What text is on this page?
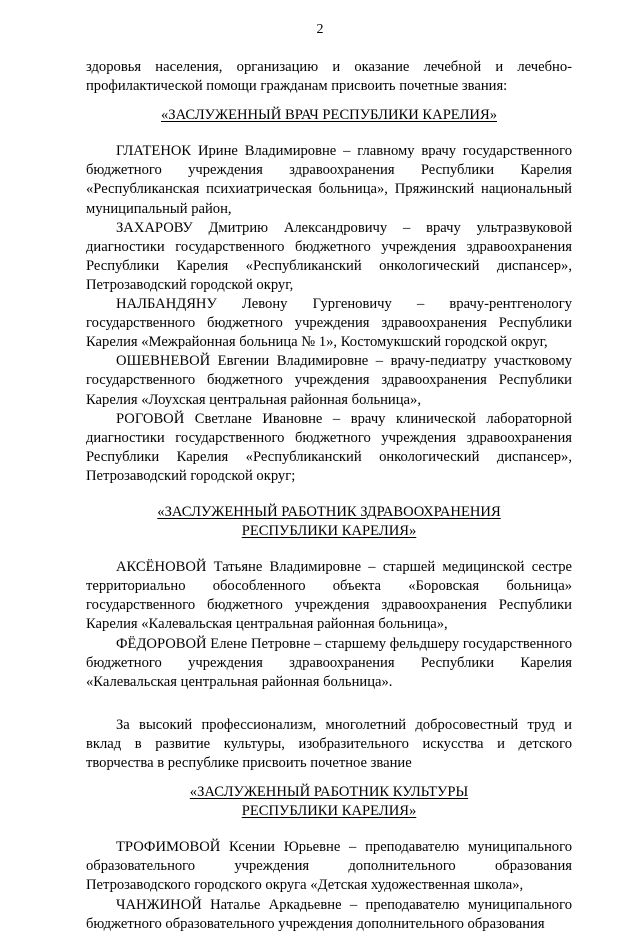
2

здоровья населения, организацию и оказание лечебной и лечебно-профилактической помощи гражданам присвоить почетные звания:

«ЗАСЛУЖЕННЫЙ ВРАЧ РЕСПУБЛИКИ КАРЕЛИЯ»

ГЛАТЕНОК Ирине Владимировне – главному врачу государственного бюджетного учреждения здравоохранения Республики Карелия «Республиканская психиатрическая больница», Пряжинский национальный муниципальный район,

ЗАХАРОВУ Дмитрию Александровичу – врачу ультразвуковой диагностики государственного бюджетного учреждения здравоохранения Республики Карелия «Республиканский онкологический диспансер», Петрозаводский городской округ,

НАЛБАНДЯНУ Левону Гургеновичу – врачу-рентгенологу государственного бюджетного учреждения здравоохранения Республики Карелия «Межрайонная больница № 1», Костомукшский городской округ,

ОШЕВНЕВОЙ Евгении Владимировне – врачу-педиатру участковому государственного бюджетного учреждения здравоохранения Республики Карелия «Лоухская центральная районная больница»,

РОГОВОЙ Светлане Ивановне – врачу клинической лабораторной диагностики государственного бюджетного учреждения здравоохранения Республики Карелия «Республиканский онкологический диспансер», Петрозаводский городской округ;

«ЗАСЛУЖЕННЫЙ РАБОТНИК ЗДРАВООХРАНЕНИЯ
РЕСПУБЛИКИ КАРЕЛИЯ»

АКСЁНОВОЙ Татьяне Владимировне – старшей медицинской сестре территориально обособленного объекта «Боровская больница» государственного бюджетного учреждения здравоохранения Республики Карелия «Калевальская центральная районная больница»,

ФЁДОРОВОЙ Елене Петровне – старшему фельдшеру государственного бюджетного учреждения здравоохранения Республики Карелия «Калевальская центральная районная больница».

За высокий профессионализм, многолетний добросовестный труд и вклад в развитие культуры, изобразительного искусства и детского творчества в республике присвоить почетное звание

«ЗАСЛУЖЕННЫЙ РАБОТНИК КУЛЬТУРЫ
РЕСПУБЛИКИ КАРЕЛИЯ»

ТРОФИМОВОЙ Ксении Юрьевне – преподавателю муниципального образовательного учреждения дополнительного образования Петрозаводского городского округа «Детская художественная школа»,

ЧАНЖИНОЙ Наталье Аркадьевне – преподавателю муниципального бюджетного образовательного учреждения дополнительного образования
